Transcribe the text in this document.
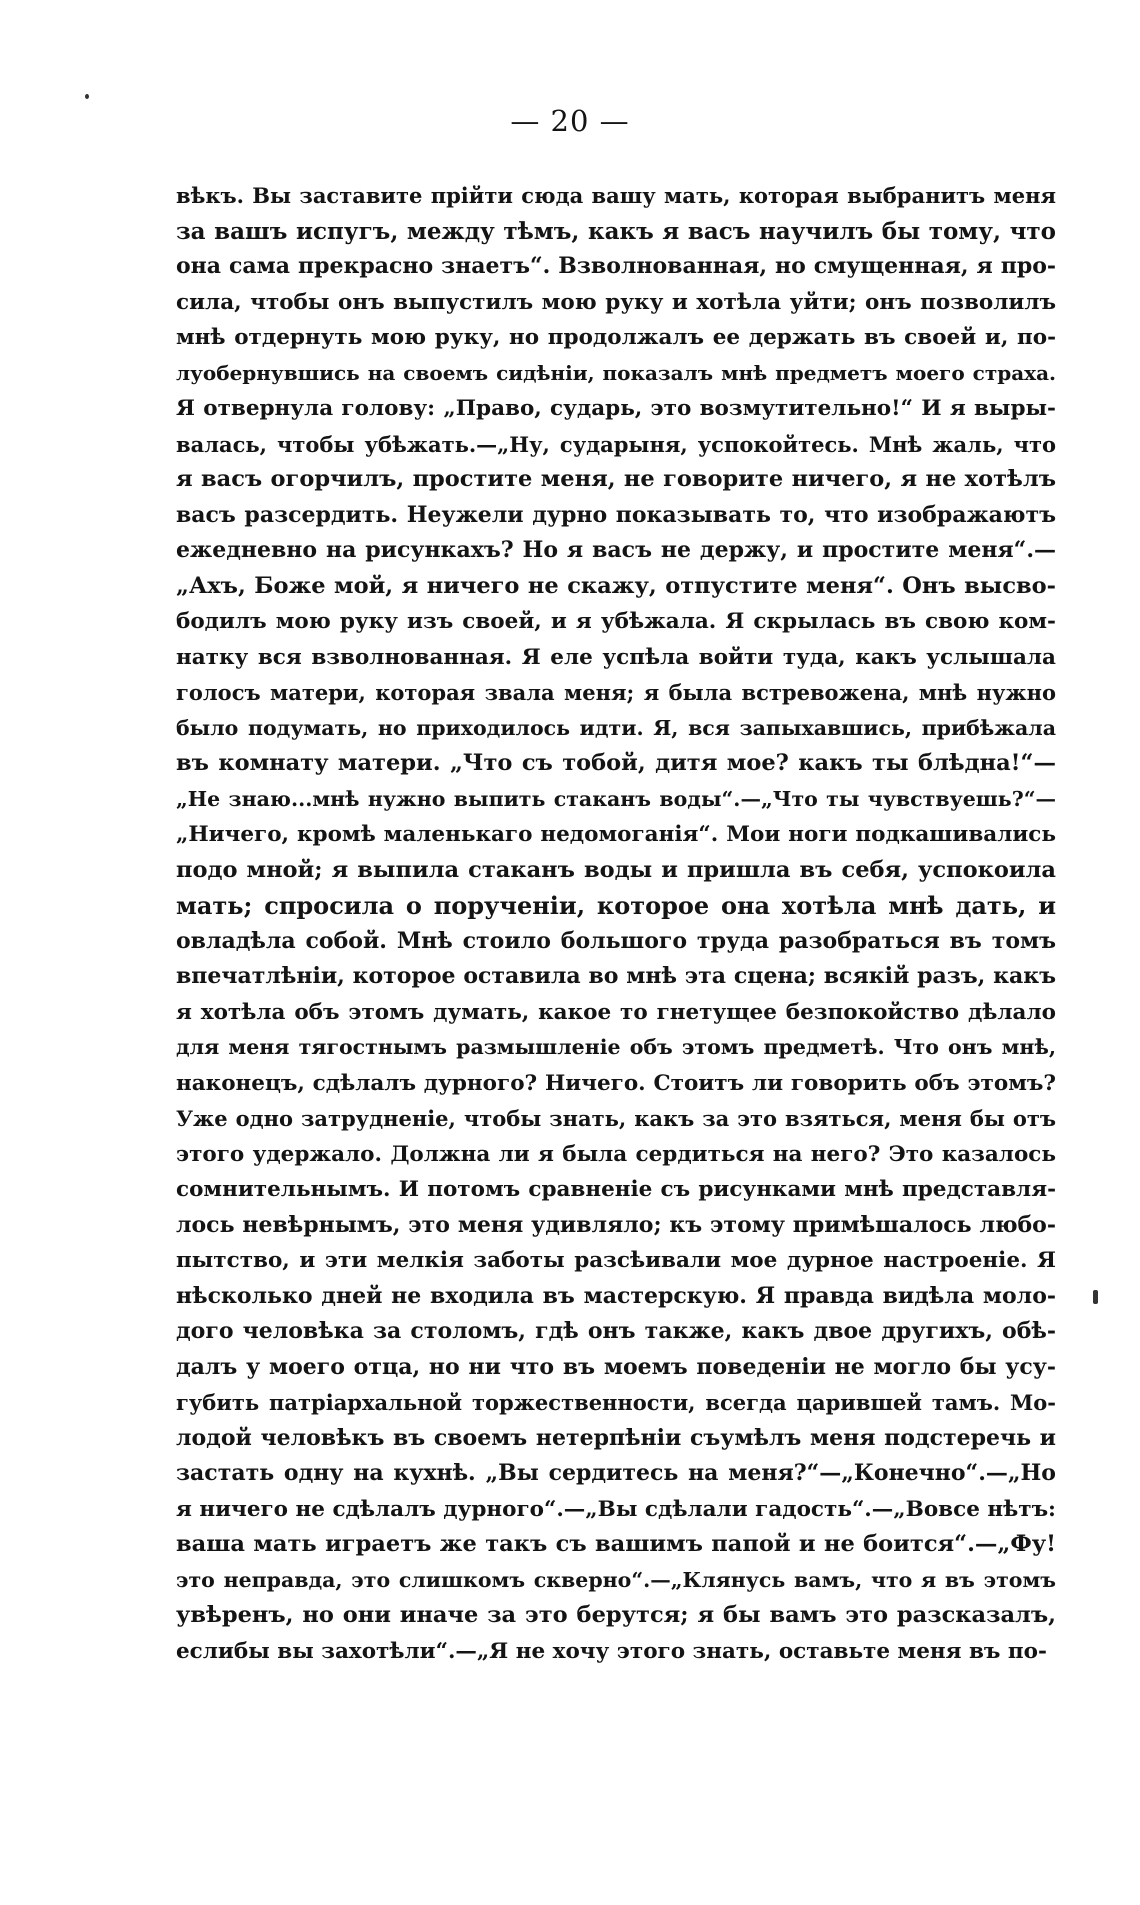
— 20 —
вѣкъ. Вы заставите прійти сюда вашу мать, которая выбранитъ меня
за вашъ испугъ, между тѣмъ, какъ я васъ научилъ бы тому, что
она сама прекрасно знаетъ“. Взволнованная, но смущенная, я про-
сила, чтобы онъ выпустилъ мою руку и хотѣла уйти; онъ позволилъ
мнѣ отдернуть мою руку, но продолжалъ ее держать въ своей и, по-
луобернувшись на своемъ сидѣніи, показалъ мнѣ предметъ моего страха.
Я отвернула голову: „Право, сударь, это возмутительно!“ И я выры-
валась, чтобы убѣжать.—„Ну, сударыня, успокойтесь. Мнѣ жаль, что
я васъ огорчилъ, простите меня, не говорите ничего, я не хотѣлъ
васъ разсердить. Неужели дурно показывать то, что изображаютъ
ежедневно на рисункахъ? Но я васъ не держу, и простите меня“.—
„Ахъ, Боже мой, я ничего не скажу, отпустите меня“. Онъ высво-
бодилъ мою руку изъ своей, и я убѣжала. Я скрылась въ свою ком-
натку вся взволнованная. Я еле успѣла войти туда, какъ услышала
голосъ матери, которая звала меня; я была встревожена, мнѣ нужно
было подумать, но приходилось идти. Я, вся запыхавшись, прибѣжала
въ комнату матери. „Что съ тобой, дитя мое? какъ ты блѣдна!“—
„Не знаю...мнѣ нужно выпить стаканъ воды“.—„Что ты чувствуешь?“—
„Ничего, кромѣ маленькаго недомоганія“. Мои ноги подкашивались
подо мной; я выпила стаканъ воды и пришла въ себя, успокоила
мать; спросила о порученіи, которое она хотѣла мнѣ дать, и
овладѣла собой. Мнѣ стоило большого труда разобраться въ томъ
впечатлѣніи, которое оставила во мнѣ эта сцена; всякій разъ, какъ
я хотѣла объ этомъ думать, какое то гнетущее безпокойство дѣлало
для меня тягостнымъ размышленіе объ этомъ предметѣ. Что онъ мнѣ,
наконецъ, сдѣлалъ дурного? Ничего. Стоитъ ли говорить объ этомъ?
Уже одно затрудненіе, чтобы знать, какъ за это взяться, меня бы отъ
этого удержало. Должна ли я была сердиться на него? Это казалось
сомнительнымъ. И потомъ сравненіе съ рисунками мнѣ представля-
лось невѣрнымъ, это меня удивляло; къ этому примѣшалось любо-
пытство, и эти мелкія заботы разсѣивали мое дурное настроеніе. Я
нѣсколько дней не входила въ мастерскую. Я правда видѣла моло-
дого человѣка за столомъ, гдѣ онъ также, какъ двое другихъ, обѣ-
далъ у моего отца, но ни что въ моемъ поведеніи не могло бы усу-
губить патріархальной торжественности, всегда царившей тамъ. Мо-
лодой человѣкъ въ своемъ нетерпѣніи съумѣлъ меня подстеречь и
застать одну на кухнѣ. „Вы сердитесь на меня?“—„Конечно“.—„Но
я ничего не сдѣлалъ дурного“.—„Вы сдѣлали гадость“.—„Вовсе нѣтъ:
ваша мать играетъ же такъ съ вашимъ папой и не боится“.—„Фу!
это неправда, это слишкомъ скверно“.—„Клянусь вамъ, что я въ этомъ
увѣренъ, но они иначе за это берутся; я бы вамъ это разсказалъ,
еслибы вы захотѣли“.—„Я не хочу этого знать, оставьте меня въ по-
